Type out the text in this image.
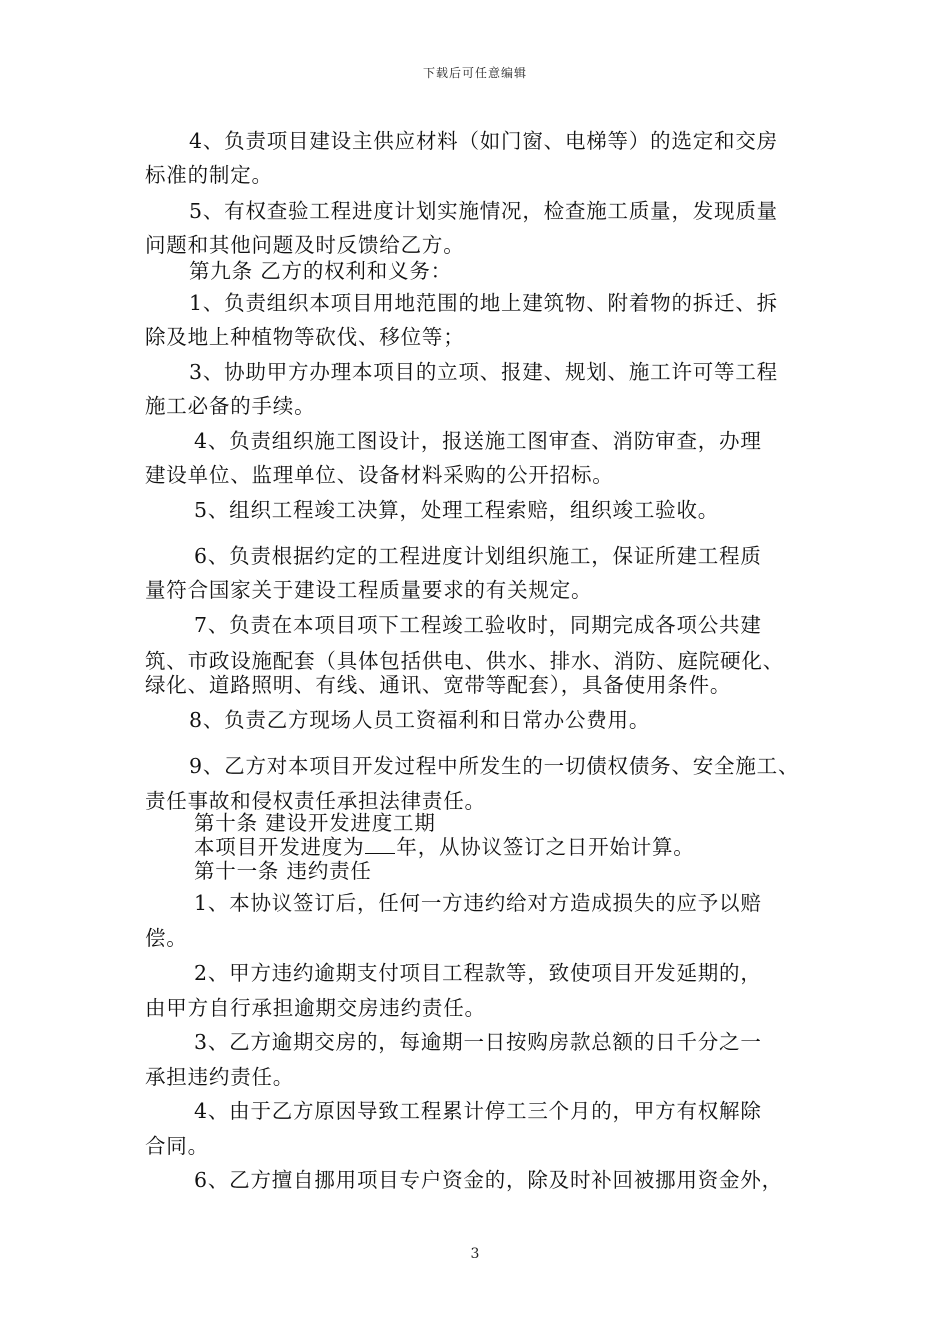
下载后可任意编辑
4、负责项目建设主供应材料（如门窗、电梯等）的选定和交房
标准的制定。
5、有权查验工程进度计划实施情况，检查施工质量，发现质量
问题和其他问题及时反馈给乙方。
第九条 乙方的权利和义务：
1、负责组织本项目用地范围的地上建筑物、附着物的拆迁、拆
除及地上种植物等砍伐、移位等；
3、协助甲方办理本项目的立项、报建、规划、施工许可等工程
施工必备的手续。
4、负责组织施工图设计，报送施工图审查、消防审查，办理
建设单位、监理单位、设备材料采购的公开招标。
5、组织工程竣工决算，处理工程索赔，组织竣工验收。
6、负责根据约定的工程进度计划组织施工，保证所建工程质
量符合国家关于建设工程质量要求的有关规定。
7、负责在本项目项下工程竣工验收时，同期完成各项公共建
筑、市政设施配套（具体包括供电、供水、排水、消防、庭院硬化、
绿化、道路照明、有线、通讯、宽带等配套），具备使用条件。
8、负责乙方现场人员工资福利和日常办公费用。
9、乙方对本项目开发过程中所发生的一切债权债务、安全施工、
责任事故和侵权责任承担法律责任。
第十条 建设开发进度工期
本项目开发进度为 年，从协议签订之日开始计算。
第十一条 违约责任
1、本协议签订后，任何一方违约给对方造成损失的应予以赔
偿。
2、甲方违约逾期支付项目工程款等，致使项目开发延期的，
由甲方自行承担逾期交房违约责任。
3、乙方逾期交房的，每逾期一日按购房款总额的日千分之一
承担违约责任。
4、由于乙方原因导致工程累计停工三个月的，甲方有权解除
合同。
6、乙方擅自挪用项目专户资金的，除及时补回被挪用资金外，
3
